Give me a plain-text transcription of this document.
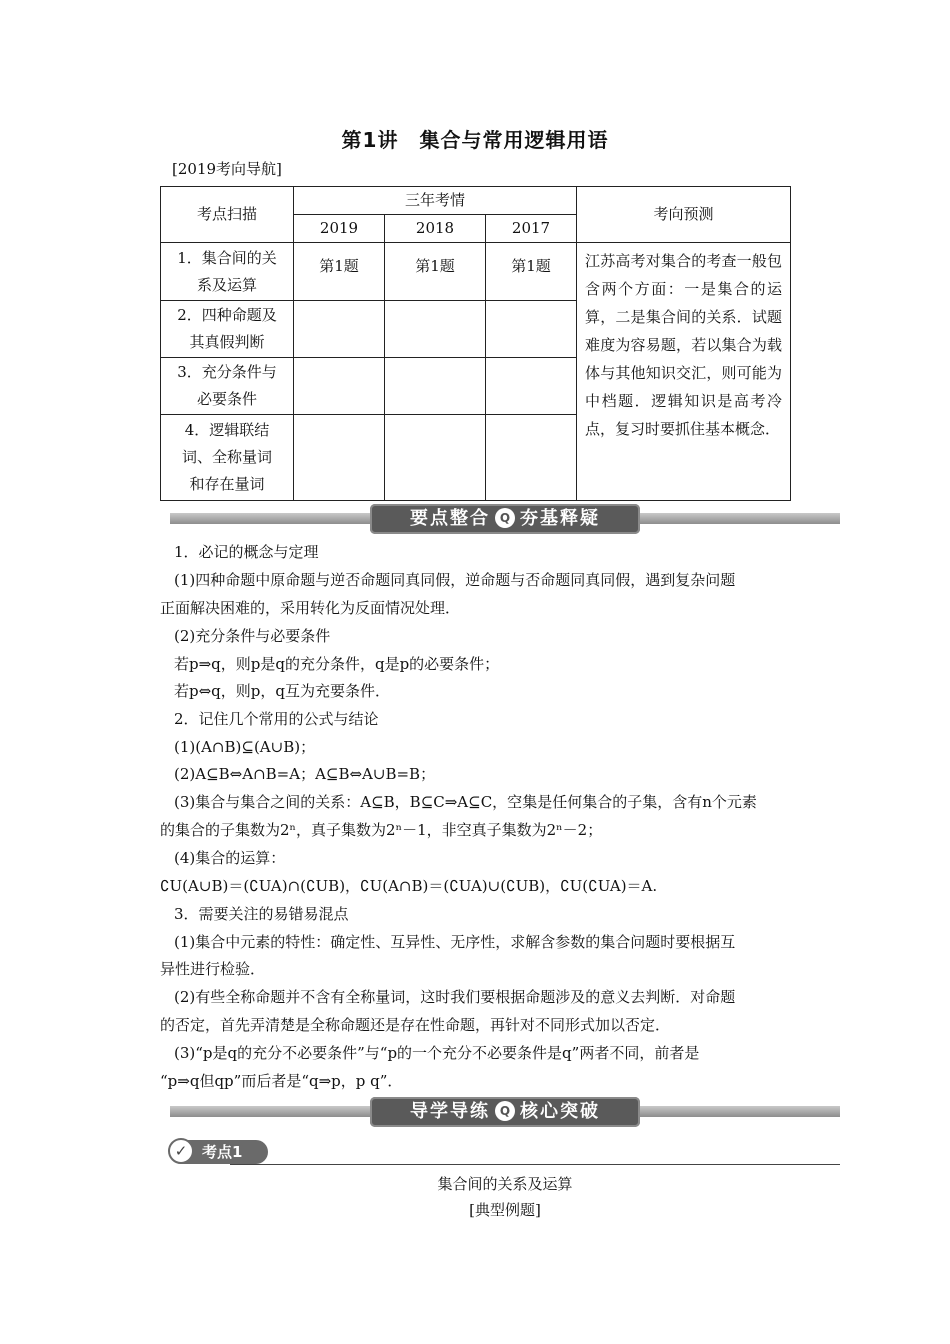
第1讲　集合与常用逻辑用语
[2019考向导航]
考点扫描	三年考情			考向预测
	2019	2018	2017	

1．集合间的关
系及运算	第1题	第1题	第1题	江苏高考对集合的考查一般包含两个方面：一是集合的运算，二是集合间的关系．试题难度为容易题，若以集合为载体与其他知识交汇，则可能为中档题．逻辑知识是高考冷点，复习时要抓住基本概念．

2．四种命题及
其真假判断				

3．充分条件与
必要条件				

4．逻辑联结
词、全称量词
和存在量词				

要点整合 Q 夯基释疑

1．必记的概念与定理

(1)四种命题中原命题与逆否命题同真同假，逆命题与否命题同真同假，遇到复杂问题

正面解决困难的，采用转化为反面情况处理．

(2)充分条件与必要条件

若p⇒q，则p是q的充分条件，q是p的必要条件；

若p⇔q，则p，q互为充要条件．

2．记住几个常用的公式与结论

(1)(A∩B)⊆(A∪B)；

(2)A⊆B⇔A∩B=A；A⊆B⇔A∪B=B；

(3)集合与集合之间的关系：A⊆B，B⊆C⇒A⊆C，空集是任何集合的子集，含有n个元素

的集合的子集数为2ⁿ，真子集数为2ⁿ－1，非空真子集数为2ⁿ－2；

(4)集合的运算：

∁U(A∪B)＝(∁UA)∩(∁UB)，∁U(A∩B)＝(∁UA)∪(∁UB)，∁U(∁UA)＝A.

3．需要关注的易错易混点

(1)集合中元素的特性：确定性、互异性、无序性，求解含参数的集合问题时要根据互

异性进行检验．

(2)有些全称命题并不含有全称量词，这时我们要根据命题涉及的意义去判断．对命题

的否定，首先弄清楚是全称命题还是存在性命题，再针对不同形式加以否定．

(3)“p是q的充分不必要条件”与“p的一个充分不必要条件是q”两者不同，前者是

“p⇒q但qp”而后者是“q⇒p，p q”．

导学导练 Q 核心突破
✓ 考点1
集合间的关系及运算
[典型例题]
